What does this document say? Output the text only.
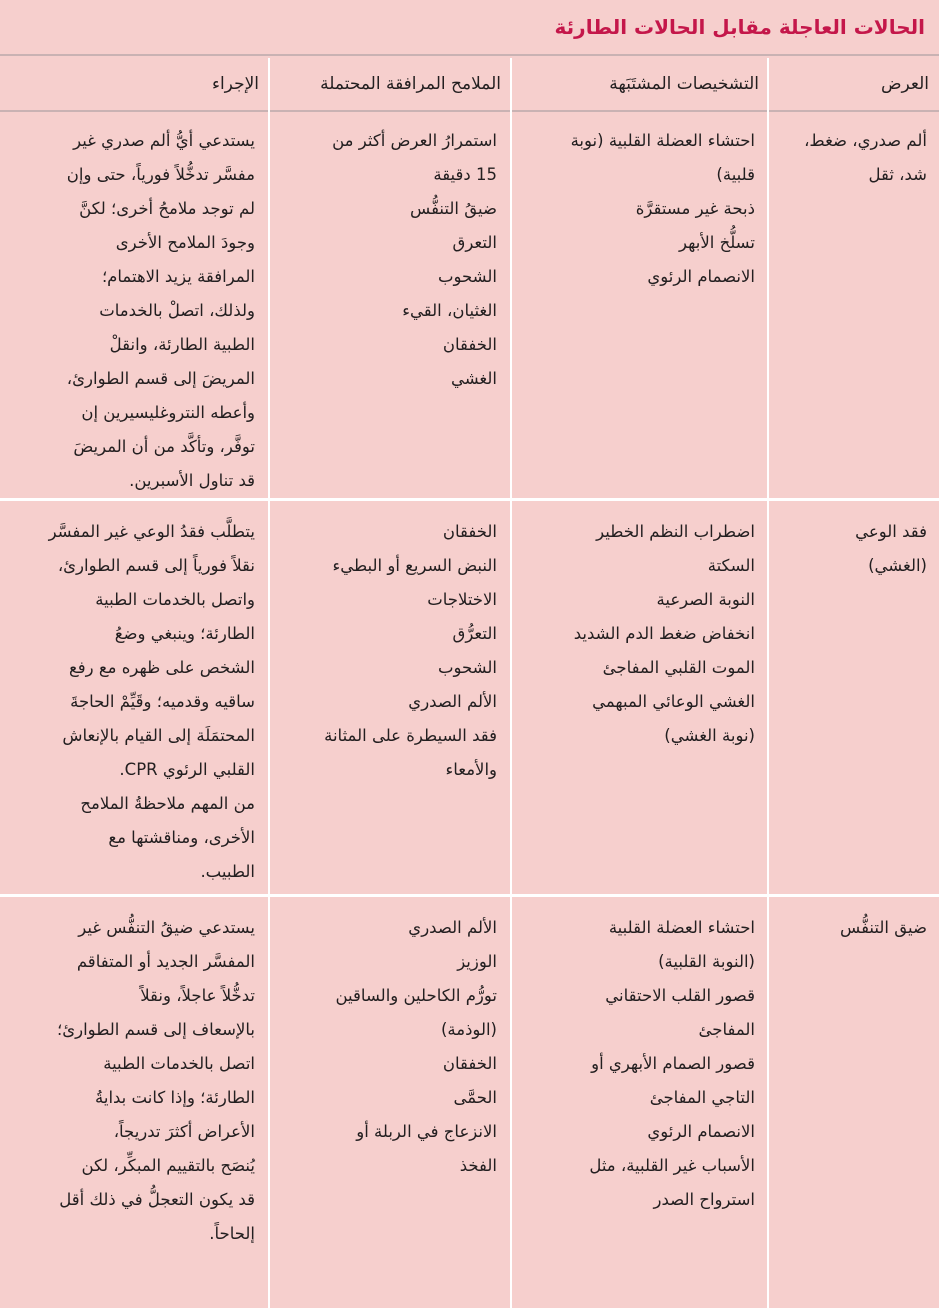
الحالات العاجلة مقابل الحالات الطارئة
العرض
التشخيصات المشتَبَهة
الملامح المرافقة المحتملة
الإجراء
ألم صدري، ضغط،
شد، ثقل
احتشاء العضلة القلبية (نوبة
قلبية)
ذبحة غير مستقرَّة
تسلُّخ الأبهر
الانصمام الرئوي
استمرارُ العرض أكثر من
15 دقيقة
ضيقُ التنفُّس
التعرق
الشحوب
الغثيان، القيء
الخفقان
الغشي
يستدعي أيُّ ألم صدري غير
مفسَّر تدخُّلاً فورياً، حتى وإن
لم توجد ملامحُ أخرى؛ لكنَّ
وجودَ الملامح الأخرى
المرافقة يزيد الاهتمام؛
ولذلك، اتصلْ بالخدمات
الطبية الطارئة، وانقلْ
المريضَ إلى قسم الطوارئ،
وأعطه النتروغليسيرين إن
توفَّر، وتأكَّد من أن المريضَ
قد تناول الأسبرين.
فقد الوعي
(الغشي)
اضطراب النظم الخطير
السكتة
النوبة الصرعية
انخفاض ضغط الدم الشديد
الموت القلبي المفاجئ
الغشي الوعائي المبهمي
(نوبة الغشي)
الخفقان
النبض السريع أو البطيء
الاختلاجات
التعرُّق
الشحوب
الألم الصدري
فقد السيطرة على المثانة
والأمعاء
يتطلَّب فقدُ الوعي غير المفسَّر
نقلاً فورياً إلى قسم الطوارئ،
واتصل بالخدمات الطبية
الطارئة؛ وينبغي وضعُ
الشخص على ظهره مع رفع
ساقيه وقدميه؛ وقَيِّمْ الحاجةَ
المحتمَلَة إلى القيام بالإنعاش
القلبي الرئوي CPR.
من المهم ملاحظةُ الملامح
الأخرى، ومناقشتها مع
الطبيب.
ضيق التنفُّس
احتشاء العضلة القلبية
(النوبة القلبية)
قصور القلب الاحتقاني
المفاجئ
قصور الصمام الأبهري أو
التاجي المفاجئ
الانصمام الرئوي
الأسباب غير القلبية، مثل
استرواح الصدر
الألم الصدري
الوزيز
تورُّم الكاحلين والساقين
(الوذمة)
الخفقان
الحمَّى
الانزعاج في الربلة أو
الفخذ
يستدعي ضيقُ التنفُّس غير
المفسَّر الجديد أو المتفاقم
تدخُّلاً عاجلاً، ونقلاً
بالإسعاف إلى قسم الطوارئ؛
اتصل بالخدمات الطبية
الطارئة؛ وإذا كانت بدايةُ
الأعراض أكثرَ تدريجاً،
يُنصَح بالتقييم المبكِّر، لكن
قد يكون التعجلُّ في ذلك أقل
إلحاحاً.
